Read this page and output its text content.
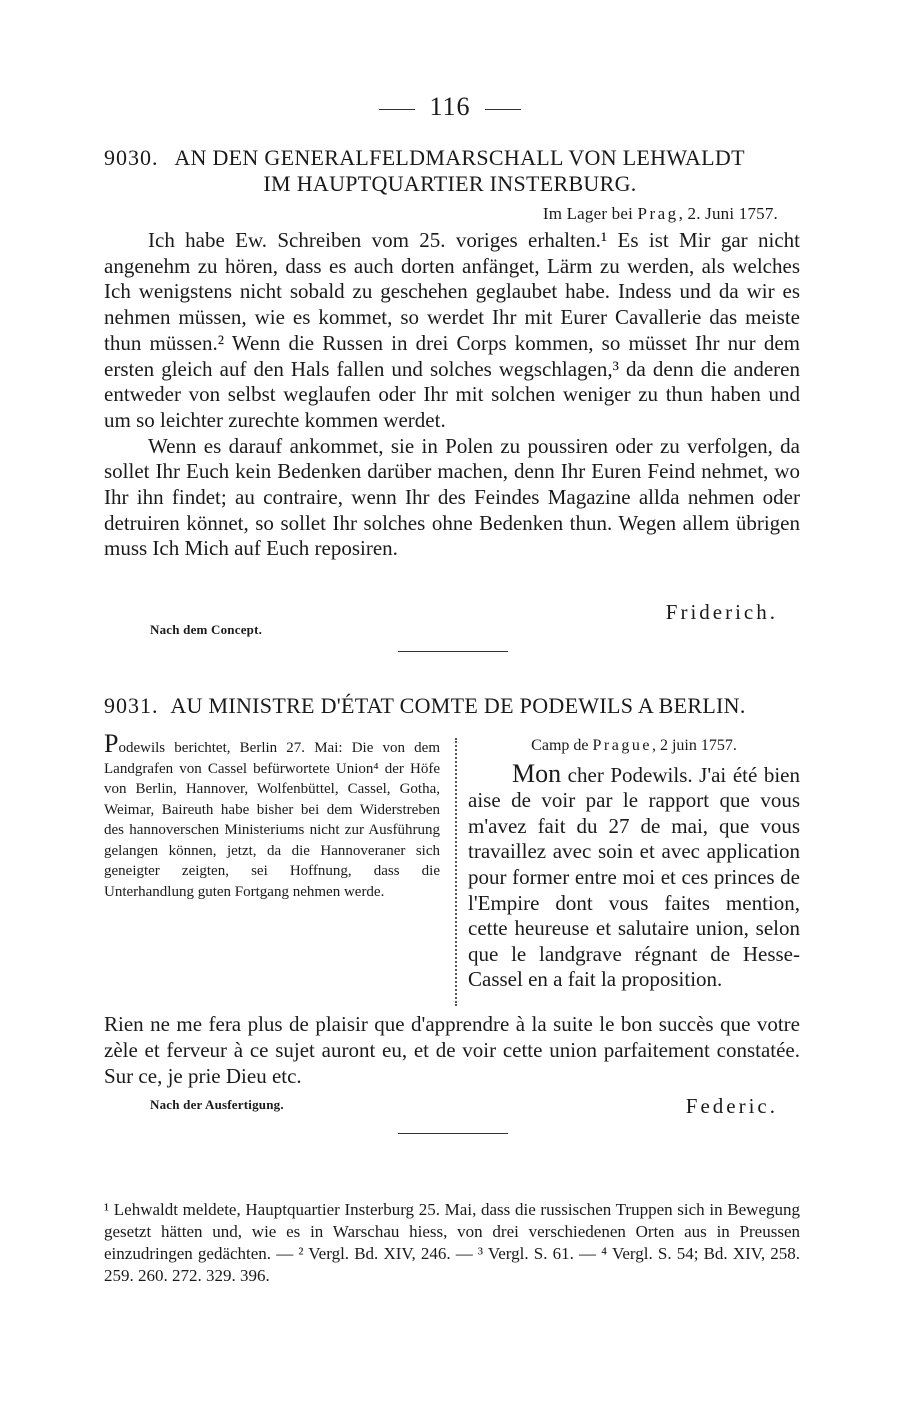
116
9030. AN DEN GENERALFELDMARSCHALL VON LEHWALDT
IM HAUPTQUARTIER INSTERBURG.
Im Lager bei Prag, 2. Juni 1757.

Ich habe Ew. Schreiben vom 25. voriges erhalten.¹ Es ist Mir gar nicht angenehm zu hören, dass es auch dorten anfänget, Lärm zu werden, als welches Ich wenigstens nicht sobald zu geschehen geglaubet habe. Indess und da wir es nehmen müssen, wie es kommet, so werdet Ihr mit Eurer Cavallerie das meiste thun müssen.² Wenn die Russen in drei Corps kommen, so müsset Ihr nur dem ersten gleich auf den Hals fallen und solches wegschlagen,³ da denn die anderen entweder von selbst weglaufen oder Ihr mit solchen weniger zu thun haben und um so leichter zurechte kommen werdet.

Wenn es darauf ankommet, sie in Polen zu poussiren oder zu verfolgen, da sollet Ihr Euch kein Bedenken darüber machen, denn Ihr Euren Feind nehmet, wo Ihr ihn findet; au contraire, wenn Ihr des Feindes Magazine allda nehmen oder detruiren könnet, so sollet Ihr solches ohne Bedenken thun. Wegen allem übrigen muss Ich Mich auf Euch reposiren.

Friderich.
Nach dem Concept.
9031. AU MINISTRE D'ÉTAT COMTE DE PODEWILS A BERLIN.
Podewils berichtet, Berlin 27. Mai: Die von dem Landgrafen von Cassel befürwortete Union⁴ der Höfe von Berlin, Hannover, Wolfenbüttel, Cassel, Gotha, Weimar, Baireuth habe bisher bei dem Widerstreben des hannoverschen Ministeriums nicht zur Ausführung gelangen können, jetzt, da die Hannoveraner sich geneigter zeigten, sei Hoffnung, dass die Unterhandlung guten Fortgang nehmen werde.
Camp de Prague, 2 juin 1757.
Mon cher Podewils. J'ai été bien aise de voir par le rapport que vous m'avez fait du 27 de mai, que vous travaillez avec soin et avec application pour former entre moi et ces princes de l'Empire dont vous faites mention, cette heureuse et salutaire union, selon que le landgrave régnant de Hesse-Cassel en a fait la proposition.
Rien ne me fera plus de plaisir que d'apprendre à la suite le bon succès que votre zèle et ferveur à ce sujet auront eu, et de voir cette union parfaitement constatée. Sur ce, je prie Dieu etc.
Federic.
Nach der Ausfertigung.
¹ Lehwaldt meldete, Hauptquartier Insterburg 25. Mai, dass die russischen Truppen sich in Bewegung gesetzt hätten und, wie es in Warschau hiess, von drei verschiedenen Orten aus in Preussen einzudringen gedächten. — ² Vergl. Bd. XIV, 246. — ³ Vergl. S. 61. — ⁴ Vergl. S. 54; Bd. XIV, 258. 259. 260. 272. 329. 396.
